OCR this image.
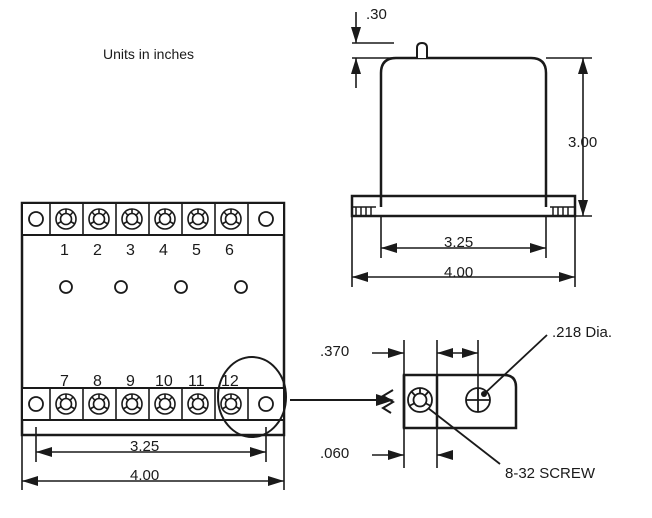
Units in inches
1 2 3 4 5 6
7 8 9 10 11 12
3.25
4.00
.30
3.00
3.25
4.00
.370
.060
.218 Dia.
8-32 SCREW
